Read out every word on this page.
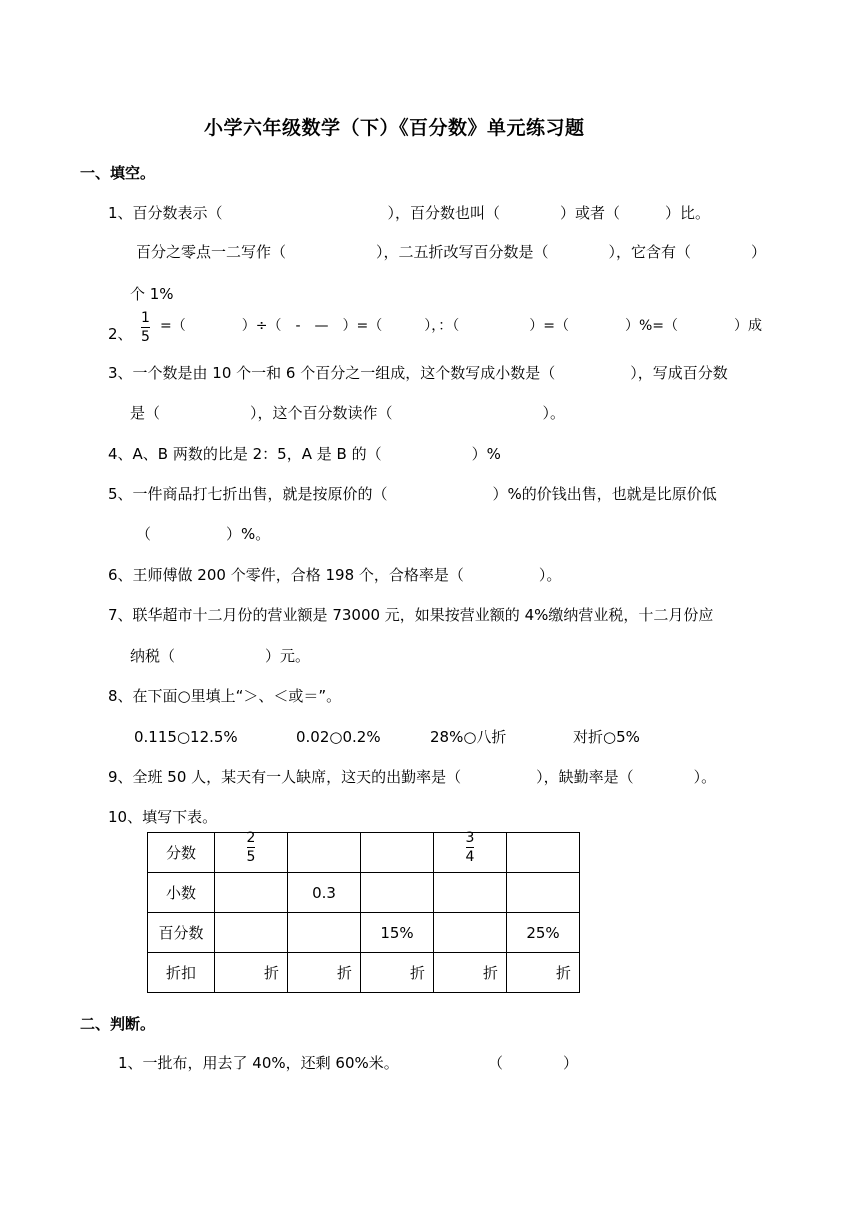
小学六年级数学（下）《百分数》单元练习题
一、填空。
1、百分数表示（　　　　　　　　　　　），百分数也叫（　　　　）或者（　　　）比。
百分之零点一二写作（　　　　　　），二五折改写百分数是（　　　　），它含有（　　　　）
个 1%
2、
1
5
=（　　　　）÷（　-　—　）=（　　　），：（　　　　　）=（　　　　）%=（　　　　）成
3、一个数是由 10 个一和 6 个百分之一组成，这个数写成小数是（　　　　　），写成百分数
是（　　　　　　），这个百分数读作（　　　　　　　　　　）。
4、A、B 两数的比是 2：5，A 是 B 的（　　　　　　）%
5、一件商品打七折出售，就是按原价的（　　　　　　　）%的价钱出售，也就是比原价低
（　　　　　）%。
6、王师傅做 200 个零件，合格 198 个，合格率是（　　　　　）。
7、联华超市十二月份的营业额是 73000 元，如果按营业额的 4%缴纳营业税，十二月份应
纳税（　　　　　　）元。
8、在下面○里填上“＞、＜或＝”。
0.115○12.5%	0.02○0.2%	28%○八折	对折○5%
9、全班 50 人，某天有一人缺席，这天的出勤率是（　　　　　），缺勤率是（　　　　）。
10、填写下表。
分数	$\frac{2}{5}$			$\frac{3}{4}$

小数		0.3			
百分数			15%		25%
折扣	折	折	折	折	折
二、判断。
1、一批布，用去了 40%，还剩 60%米。	（　　　　）
